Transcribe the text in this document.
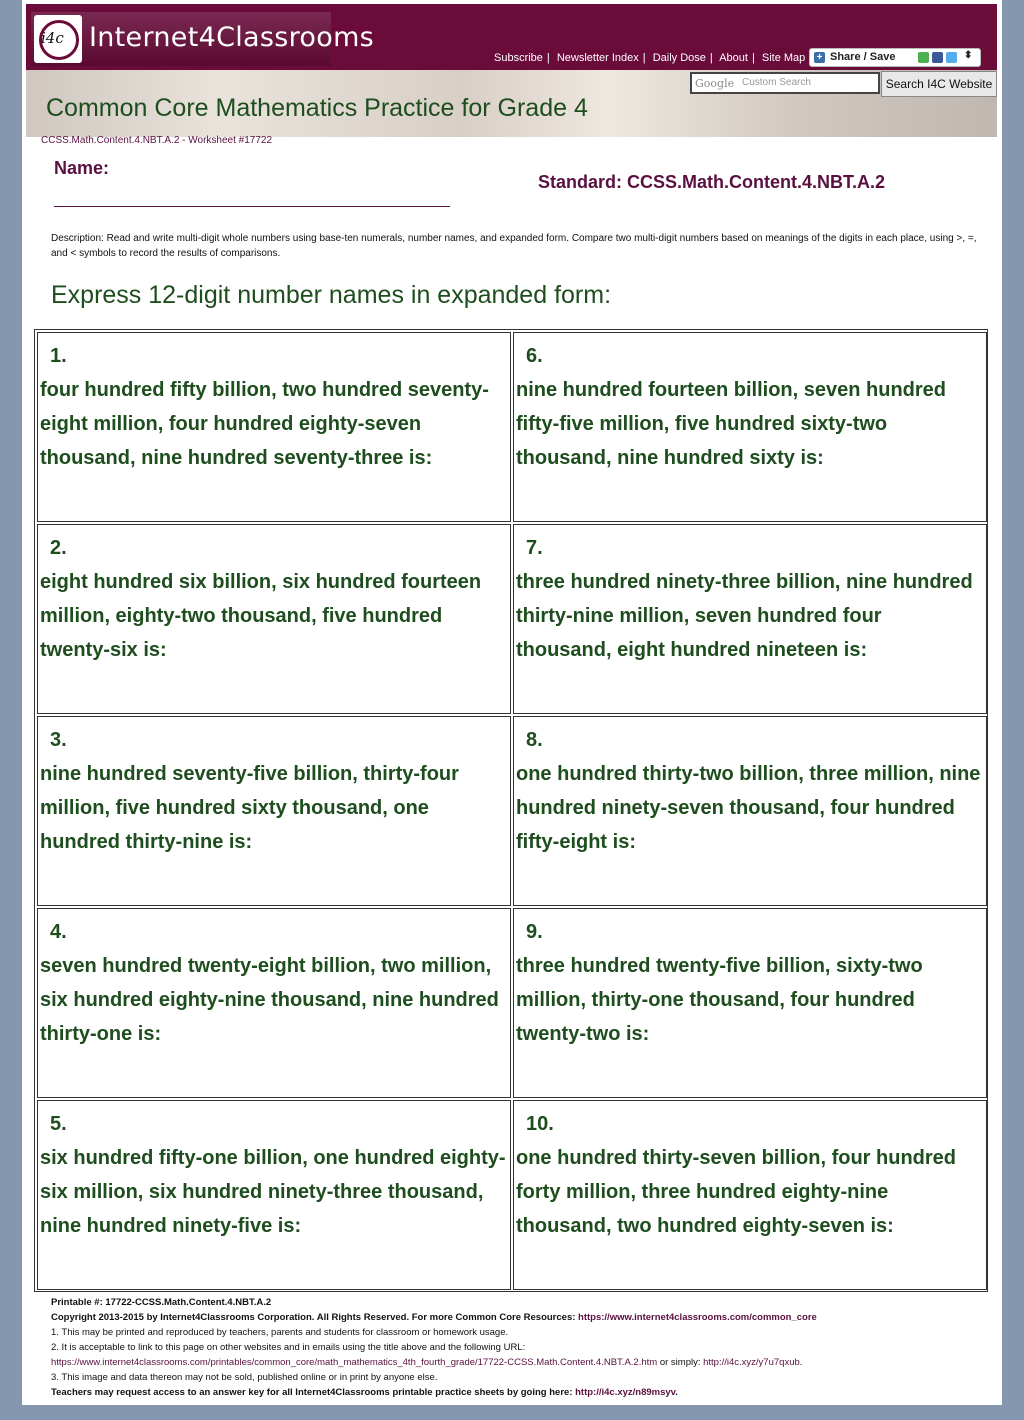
i4c Internet4Classrooms
Subscribe | Newsletter Index | Daily Dose | About | Site Map + Share / Save	⬍
Google Custom Search	Search I4C Website
Common Core Mathematics Practice for Grade 4
CCSS.Math.Content.4.NBT.A.2 - Worksheet #17722
Name:
Standard: CCSS.Math.Content.4.NBT.A.2
Description: Read and write multi-digit whole numbers using base-ten numerals, number names, and expanded form. Compare two multi-digit numbers based on meanings of the digits in each place, using >, =, and < symbols to record the results of comparisons.
Express 12-digit number names in expanded form:
1.
four hundred fifty billion, two hundred seventy-eight million, four hundred eighty-seven thousand, nine hundred seventy-three is:
2.
eight hundred six billion, six hundred fourteen million, eighty-two thousand, five hundred twenty-six is:
3.
nine hundred seventy-five billion, thirty-four million, five hundred sixty thousand, one hundred thirty-nine is:
4.
seven hundred twenty-eight billion, two million, six hundred eighty-nine thousand, nine hundred thirty-one is:
5.
six hundred fifty-one billion, one hundred eighty-six million, six hundred ninety-three thousand, nine hundred ninety-five is:
6.
nine hundred fourteen billion, seven hundred fifty-five million, five hundred sixty-two thousand, nine hundred sixty is:
7.
three hundred ninety-three billion, nine hundred thirty-nine million, seven hundred four thousand, eight hundred nineteen is:
8.
one hundred thirty-two billion, three million, nine hundred ninety-seven thousand, four hundred fifty-eight is:
9.
three hundred twenty-five billion, sixty-two million, thirty-one thousand, four hundred twenty-two is:
10.
one hundred thirty-seven billion, four hundred forty million, three hundred eighty-nine thousand, two hundred eighty-seven is:
Printable #: 17722-CCSS.Math.Content.4.NBT.A.2
Copyright 2013-2015 by Internet4Classrooms Corporation. All Rights Reserved. For more Common Core Resources: https://www.internet4classrooms.com/common_core
1. This may be printed and reproduced by teachers, parents and students for classroom or homework usage.
2. It is acceptable to link to this page on other websites and in emails using the title above and the following URL:
https://www.internet4classrooms.com/printables/common_core/math_mathematics_4th_fourth_grade/17722-CCSS.Math.Content.4.NBT.A.2.htm or simply: http://i4c.xyz/y7u7qxub.
3. This image and data thereon may not be sold, published online or in print by anyone else.
Teachers may request access to an answer key for all Internet4Classrooms printable practice sheets by going here: http://i4c.xyz/n89msyv.
